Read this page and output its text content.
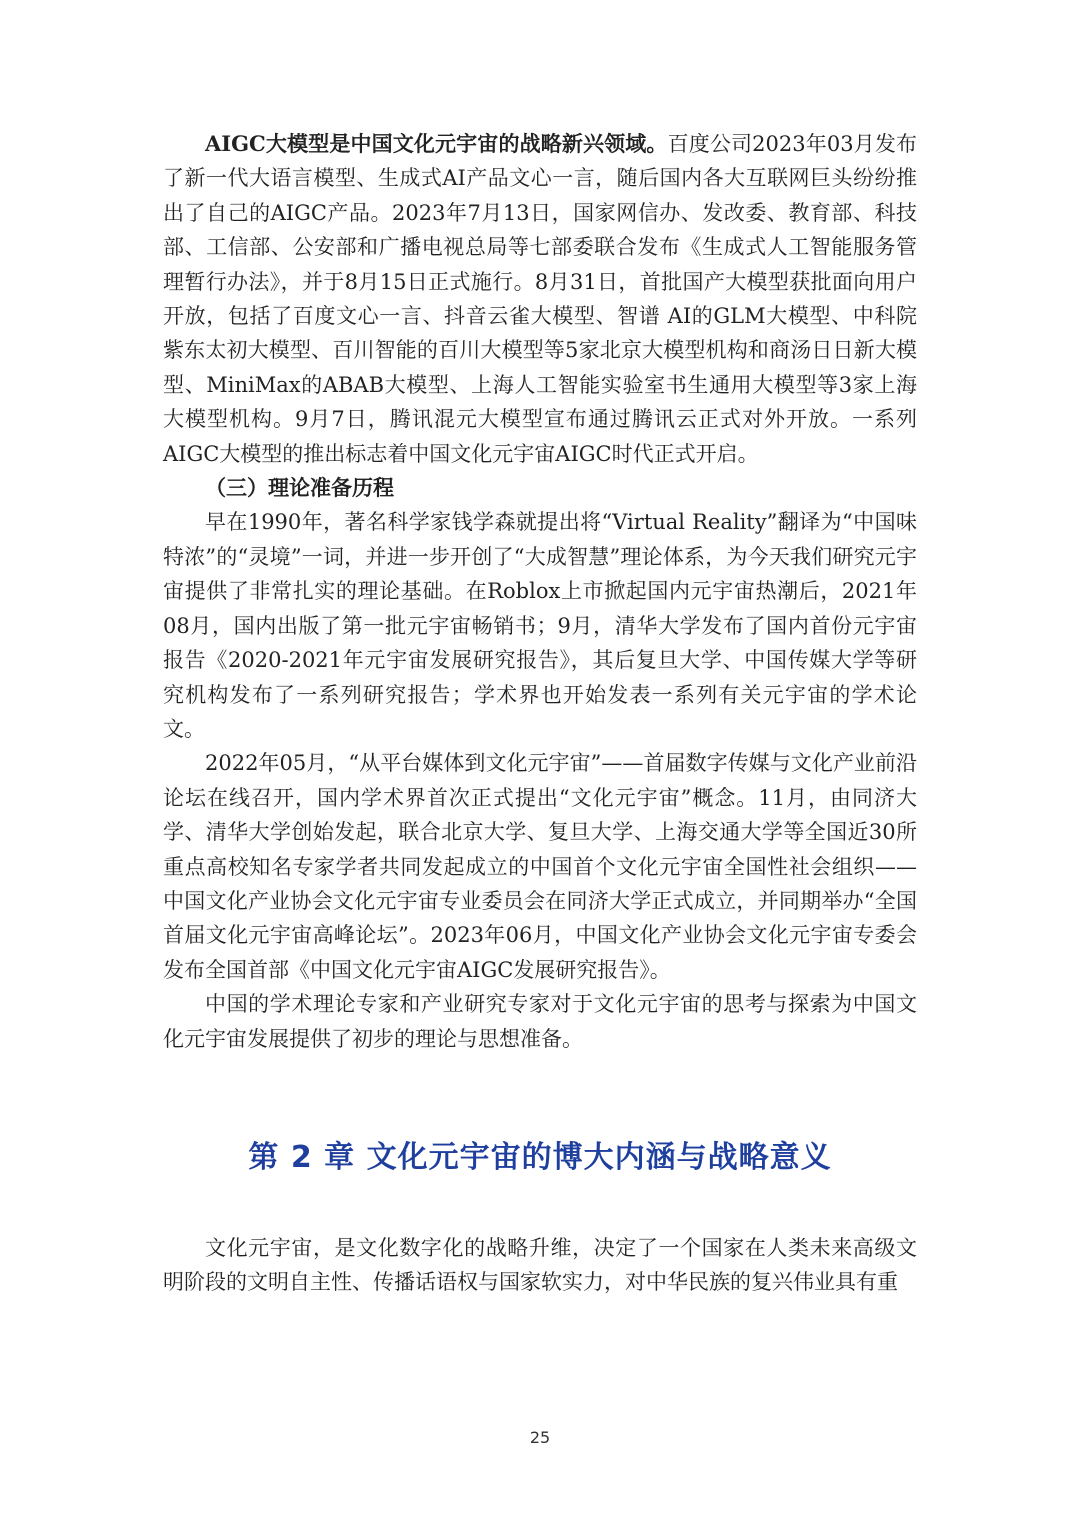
AIGC大模型是中国文化元宇宙的战略新兴领域。百度公司2023年03月发布了新一代大语言模型、生成式AI产品文心一言，随后国内各大互联网巨头纷纷推出了自己的AIGC产品。2023年7月13日，国家网信办、发改委、教育部、科技部、工信部、公安部和广播电视总局等七部委联合发布《生成式人工智能服务管理暂行办法》，并于8月15日正式施行。8月31日，首批国产大模型获批面向用户开放，包括了百度文心一言、抖音云雀大模型、智谱 AI的GLM大模型、中科院紫东太初大模型、百川智能的百川大模型等5家北京大模型机构和商汤日日新大模型、MiniMax的ABAB大模型、上海人工智能实验室书生通用大模型等3家上海大模型机构。9月7日，腾讯混元大模型宣布通过腾讯云正式对外开放。一系列AIGC大模型的推出标志着中国文化元宇宙AIGC时代正式开启。

（三）理论准备历程

早在1990年，著名科学家钱学森就提出将“Virtual Reality”翻译为“中国味特浓”的“灵境”一词，并进一步开创了“大成智慧”理论体系，为今天我们研究元宇宙提供了非常扎实的理论基础。在Roblox上市掀起国内元宇宙热潮后，2021年08月，国内出版了第一批元宇宙畅销书；9月，清华大学发布了国内首份元宇宙报告《2020-2021年元宇宙发展研究报告》，其后复旦大学、中国传媒大学等研究机构发布了一系列研究报告；学术界也开始发表一系列有关元宇宙的学术论文。

2022年05月，“从平台媒体到文化元宇宙”——首届数字传媒与文化产业前沿论坛在线召开，国内学术界首次正式提出“文化元宇宙”概念。11月，由同济大学、清华大学创始发起，联合北京大学、复旦大学、上海交通大学等全国近30所重点高校知名专家学者共同发起成立的中国首个文化元宇宙全国性社会组织——中国文化产业协会文化元宇宙专业委员会在同济大学正式成立，并同期举办“全国首届文化元宇宙高峰论坛”。2023年06月，中国文化产业协会文化元宇宙专委会发布全国首部《中国文化元宇宙AIGC发展研究报告》。

中国的学术理论专家和产业研究专家对于文化元宇宙的思考与探索为中国文化元宇宙发展提供了初步的理论与思想准备。

第 2 章 文化元宇宙的博大内涵与战略意义

文化元宇宙，是文化数字化的战略升维，决定了一个国家在人类未来高级文明阶段的文明自主性、传播话语权与国家软实力，对中华民族的复兴伟业具有重

25
